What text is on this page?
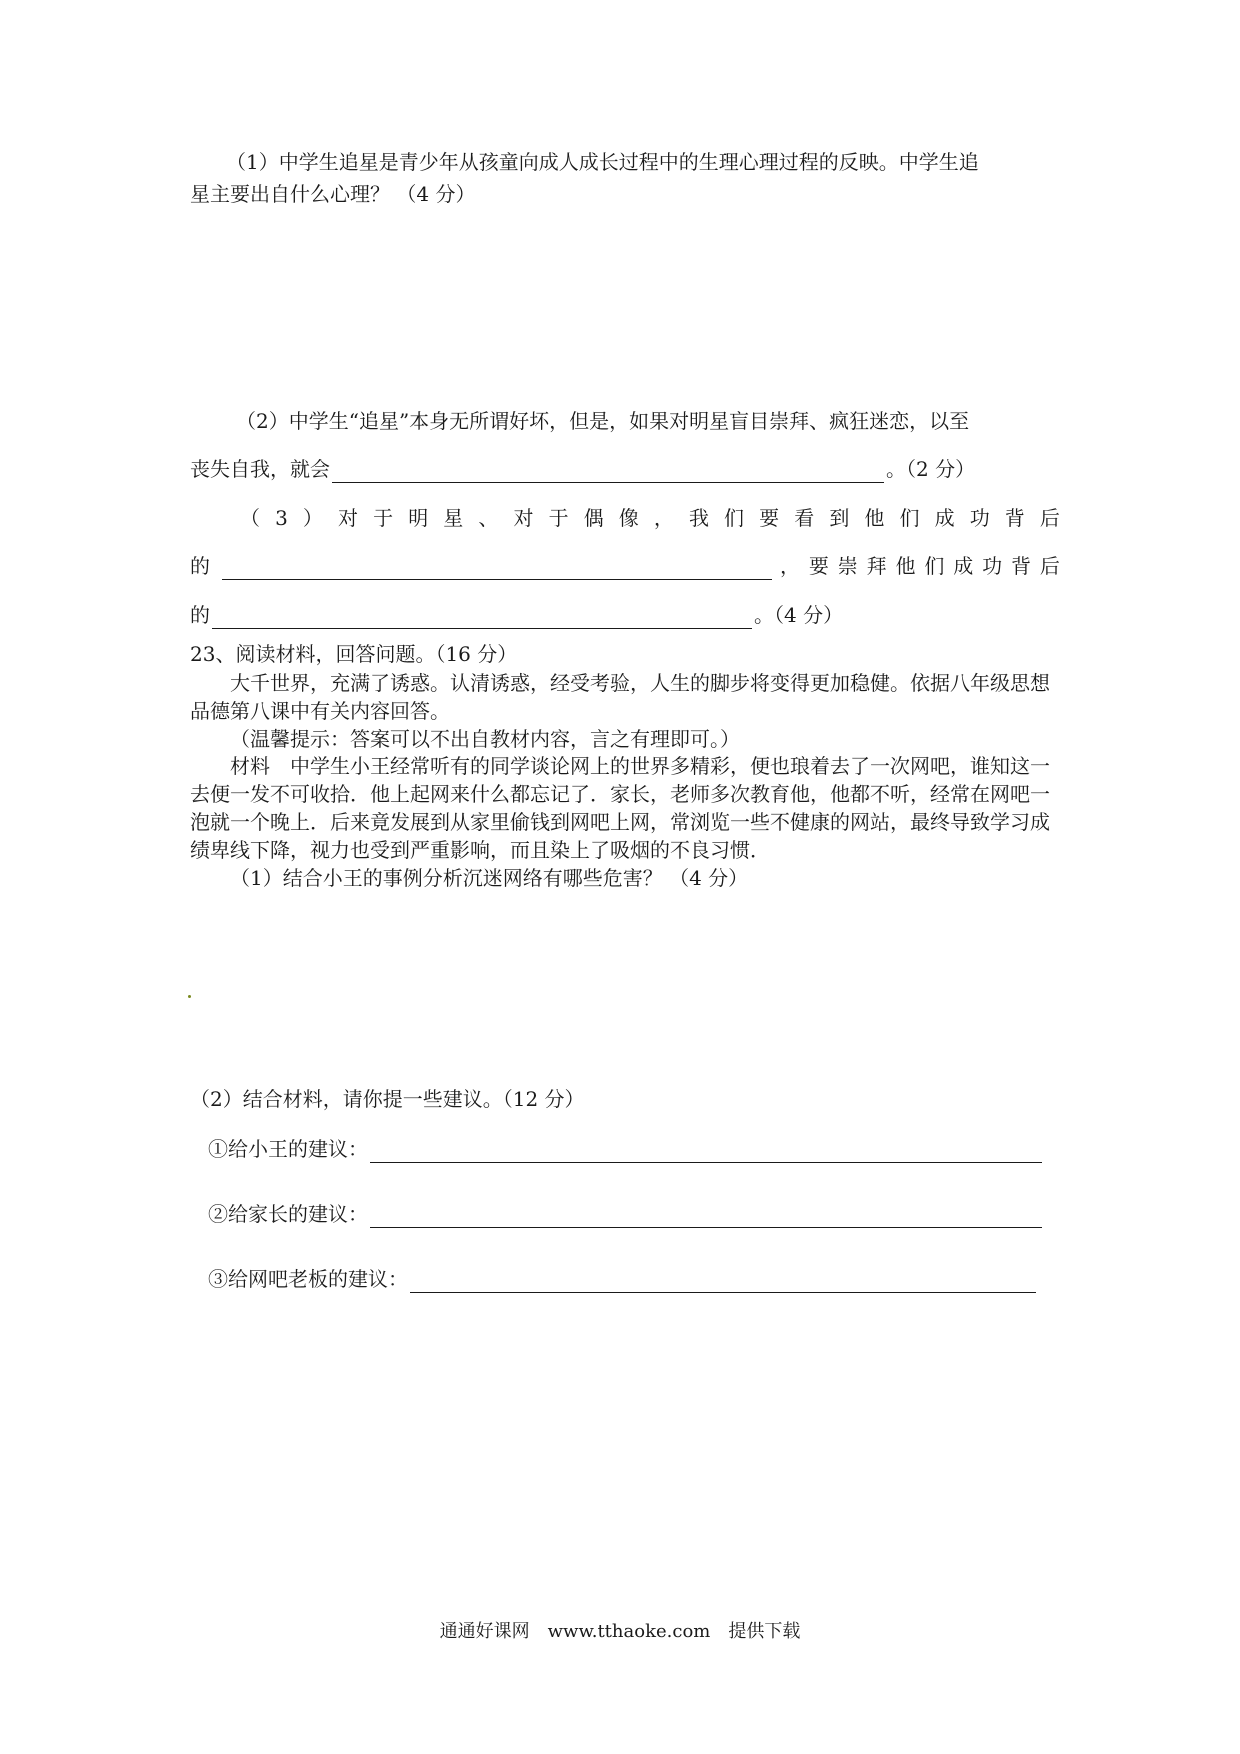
（1）中学生追星是青少年从孩童向成人成长过程中的生理心理过程的反映。中学生追
星主要出自什么心理？ （4 分）
（2）中学生“追星”本身无所谓好坏，但是，如果对明星盲目崇拜、疯狂迷恋，以至
丧失自我，就会	。（2 分）
（ 3 ） 对 于 明 星 、 对 于 偶 像 ， 我 们 要 看 到 他 们 成 功 背 后
的	， 要 崇 拜 他 们 成 功 背 后
的	。（4 分）
23、阅读材料，回答问题。（16 分）
大千世界，充满了诱惑。认清诱惑，经受考验，人生的脚步将变得更加稳健。依据八年级思想品德第八课中有关内容回答。
（温馨提示：答案可以不出自教材内容，言之有理即可。）
材料　中学生小王经常听有的同学谈论网上的世界多精彩，便也琅着去了一次网吧，谁知这一去便一发不可收拾．他上起网来什么都忘记了．家长，老师多次教育他，他都不听，经常在网吧一泡就一个晚上．后来竟发展到从家里偷钱到网吧上网，常浏览一些不健康的网站，最终导致学习成绩卑线下降，视力也受到严重影响，而且染上了吸烟的不良习惯．
（1）结合小王的事例分析沉迷网络有哪些危害？ （4 分）
（2）结合材料，请你提一些建议。（12 分）
①给小王的建议：
②给家长的建议：
③给网吧老板的建议：
通通好课网　www.tthaoke.com　提供下载
